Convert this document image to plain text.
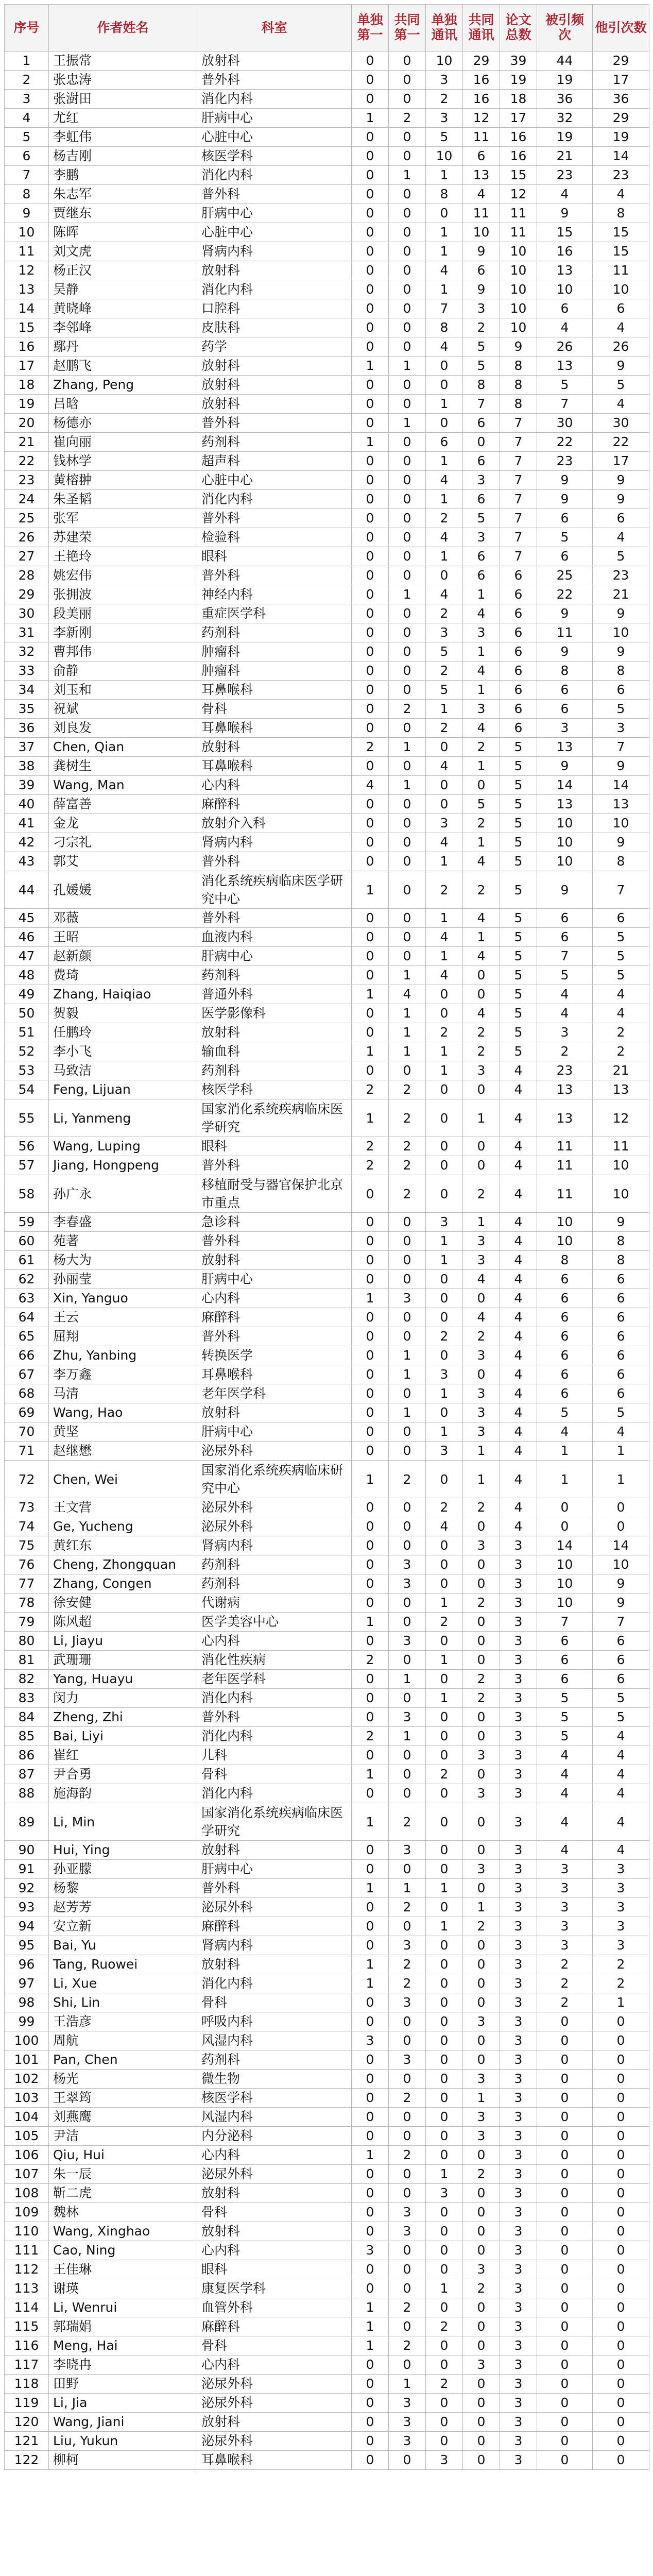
序号	作者姓名	科室	单独第一	共同第一	单独通讯	共同通讯	论文总数	被引频次	他引次数
1	王振常	放射科	0	0	10	29	39	44	29
2	张忠涛	普外科	0	0	3	16	19	19	17
3	张澍田	消化内科	0	0	2	16	18	36	36
4	尤红	肝病中心	1	2	3	12	17	32	29
5	李虹伟	心脏中心	0	0	5	11	16	19	19
6	杨吉刚	核医学科	0	0	10	6	16	21	14
7	李鹏	消化内科	0	1	1	13	15	23	23
8	朱志军	普外科	0	0	8	4	12	4	4
9	贾继东	肝病中心	0	0	0	11	11	9	8
10	陈晖	心脏中心	0	0	1	10	11	15	15
11	刘文虎	肾病内科	0	0	1	9	10	16	15
12	杨正汉	放射科	0	0	4	6	10	13	11
13	吴静	消化内科	0	0	1	9	10	10	10
14	黄晓峰	口腔科	0	0	7	3	10	6	6
15	李邻峰	皮肤科	0	0	8	2	10	4	4
16	鄢丹	药学	0	0	4	5	9	26	26
17	赵鹏飞	放射科	1	1	0	5	8	13	9
18	Zhang, Peng	放射科	0	0	0	8	8	5	5
19	吕晗	放射科	0	0	1	7	8	7	4
20	杨德亦	普外科	0	1	0	6	7	30	30
21	崔向丽	药剂科	1	0	6	0	7	22	22
22	钱林学	超声科	0	0	1	6	7	23	17
23	黄榕翀	心脏中心	0	0	4	3	7	9	9
24	朱圣韬	消化内科	0	0	1	6	7	9	9
25	张军	普外科	0	0	2	5	7	6	6
26	苏建荣	检验科	0	0	4	3	7	5	4
27	王艳玲	眼科	0	0	1	6	7	6	5
28	姚宏伟	普外科	0	0	0	6	6	25	23
29	张拥波	神经内科	0	1	4	1	6	22	21
30	段美丽	重症医学科	0	0	2	4	6	9	9
31	李新刚	药剂科	0	0	3	3	6	11	10
32	曹邦伟	肿瘤科	0	0	5	1	6	9	9
33	俞静	肿瘤科	0	0	2	4	6	8	8
34	刘玉和	耳鼻喉科	0	0	5	1	6	6	6
35	祝斌	骨科	0	2	1	3	6	6	5
36	刘良发	耳鼻喉科	0	0	2	4	6	3	3
37	Chen, Qian	放射科	2	1	0	2	5	13	7
38	龚树生	耳鼻喉科	0	0	4	1	5	9	9
39	Wang, Man	心内科	4	1	0	0	5	14	14
40	薛富善	麻醉科	0	0	0	5	5	13	13
41	金龙	放射介入科	0	0	3	2	5	10	10
42	刁宗礼	肾病内科	0	0	4	1	5	10	9
43	郭艾	普外科	0	0	1	4	5	10	8
44	孔媛媛	消化系统疾病临床医学研究中心	1	0	2	2	5	9	7
45	邓薇	普外科	0	0	1	4	5	6	6
46	王昭	血液内科	0	0	4	1	5	6	5
47	赵新颜	肝病中心	0	0	1	4	5	7	5
48	费琦	药剂科	0	1	4	0	5	5	5
49	Zhang, Haiqiao	普通外科	1	4	0	0	5	4	4
50	贺毅	医学影像科	0	1	0	4	5	4	4
51	任鹏玲	放射科	0	1	2	2	5	3	2
52	李小飞	输血科	1	1	1	2	5	2	2
53	马致洁	药剂科	0	0	1	3	4	23	21
54	Feng, Lijuan	核医学科	2	2	0	0	4	13	13
55	Li, Yanmeng	国家消化系统疾病临床医学研究	1	2	0	1	4	13	12
56	Wang, Luping	眼科	2	2	0	0	4	11	11
57	Jiang, Hongpeng	普外科	2	2	0	0	4	11	10
58	孙广永	移植耐受与器官保护北京市重点	0	2	0	2	4	11	10
59	李春盛	急诊科	0	0	3	1	4	10	9
60	苑著	普外科	0	0	1	3	4	10	8
61	杨大为	放射科	0	0	1	3	4	8	8
62	孙丽莹	肝病中心	0	0	0	4	4	6	6
63	Xin, Yanguo	心内科	1	3	0	0	4	6	6
64	王云	麻醉科	0	0	0	4	4	6	6
65	屈翔	普外科	0	0	2	2	4	6	6
66	Zhu, Yanbing	转换医学	0	1	0	3	4	6	6
67	李万鑫	耳鼻喉科	0	1	3	0	4	6	6
68	马清	老年医学科	0	0	1	3	4	6	6
69	Wang, Hao	放射科	0	1	0	3	4	5	5
70	黄坚	肝病中心	0	0	1	3	4	4	4
71	赵继懋	泌尿外科	0	0	3	1	4	1	1
72	Chen, Wei	国家消化系统疾病临床研究中心	1	2	0	1	4	1	1
73	王文营	泌尿外科	0	0	2	2	4	0	0
74	Ge, Yucheng	泌尿外科	0	0	4	0	4	0	0
75	黄红东	肾病内科	0	0	0	3	3	14	14
76	Cheng, Zhongquan	药剂科	0	3	0	0	3	10	10
77	Zhang, Congen	药剂科	0	3	0	0	3	10	9
78	徐安健	代谢病	0	0	1	2	3	10	9
79	陈风超	医学美容中心	1	0	2	0	3	7	7
80	Li, Jiayu	心内科	0	3	0	0	3	6	6
81	武珊珊	消化性疾病	2	0	1	0	3	6	6
82	Yang, Huayu	老年医学科	0	1	0	2	3	6	6
83	闵力	消化内科	0	0	1	2	3	5	5
84	Zheng, Zhi	普外科	0	3	0	0	3	5	5
85	Bai, Liyi	消化内科	2	1	0	0	3	5	4
86	崔红	儿科	0	0	0	3	3	4	4
87	尹合勇	骨科	1	0	2	0	3	4	4
88	施海韵	消化内科	0	0	0	3	3	4	4
89	Li, Min	国家消化系统疾病临床医学研究	1	2	0	0	3	4	4
90	Hui, Ying	放射科	0	3	0	0	3	4	4
91	孙亚朦	肝病中心	0	0	0	3	3	3	3
92	杨黎	普外科	1	1	1	0	3	3	3
93	赵芳芳	泌尿外科	0	2	0	1	3	3	3
94	安立新	麻醉科	0	0	1	2	3	3	3
95	Bai, Yu	肾病内科	0	3	0	0	3	3	3
96	Tang, Ruowei	放射科	1	2	0	0	3	2	2
97	Li, Xue	消化内科	1	2	0	0	3	2	2
98	Shi, Lin	骨科	0	3	0	0	3	2	1
99	王浩彦	呼吸内科	0	0	0	3	3	0	0
100	周航	风湿内科	3	0	0	0	3	0	0
101	Pan, Chen	药剂科	0	3	0	0	3	0	0
102	杨光	微生物	0	0	0	3	3	0	0
103	王翠筠	核医学科	0	2	0	1	3	0	0
104	刘燕鹰	风湿内科	0	0	0	3	3	0	0
105	尹洁	内分泌科	0	0	0	3	3	0	0
106	Qiu, Hui	心内科	1	2	0	0	3	0	0
107	朱一辰	泌尿外科	0	0	1	2	3	0	0
108	靳二虎	放射科	0	0	3	0	3	0	0
109	魏林	骨科	0	3	0	0	3	0	0
110	Wang, Xinghao	放射科	0	3	0	0	3	0	0
111	Cao, Ning	心内科	3	0	0	0	3	0	0
112	王佳琳	眼科	0	0	0	3	3	0	0
113	谢瑛	康复医学科	0	0	1	2	3	0	0
114	Li, Wenrui	血管外科	1	2	0	0	3	0	0
115	郭瑞娟	麻醉科	1	0	2	0	3	0	0
116	Meng, Hai	骨科	1	2	0	0	3	0	0
117	李晓冉	心内科	0	0	0	3	3	0	0
118	田野	泌尿外科	0	1	2	0	3	0	0
119	Li, Jia	泌尿外科	0	3	0	0	3	0	0
120	Wang, Jiani	放射科	0	3	0	0	3	0	0
121	Liu, Yukun	泌尿外科	0	3	0	0	3	0	0
122	柳柯	耳鼻喉科	0	0	3	0	3	0	0
